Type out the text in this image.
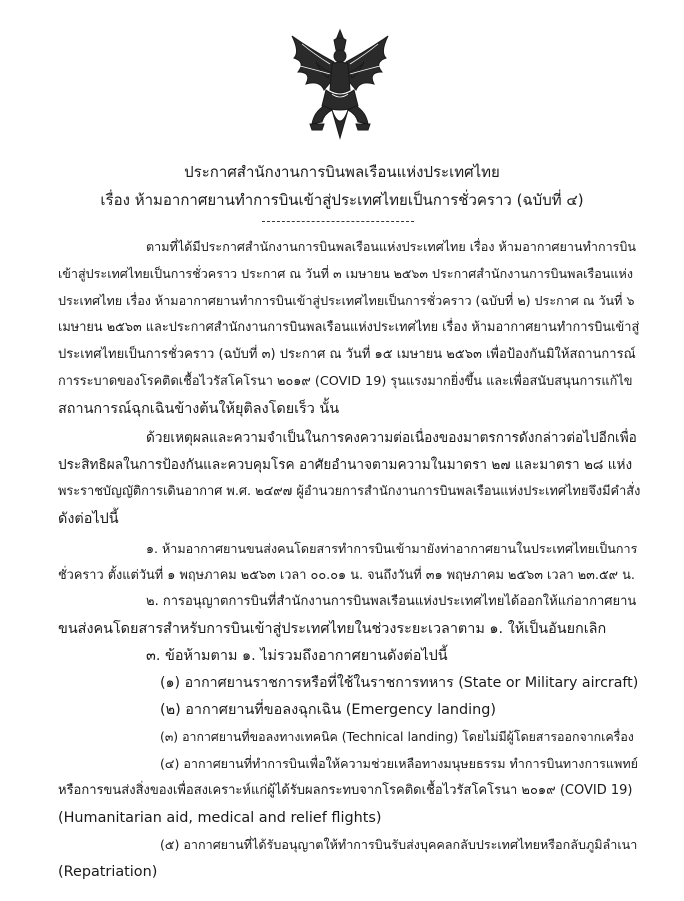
ประกาศสำนักงานการบินพลเรือนแห่งประเทศไทย
เรื่อง ห้ามอากาศยานทำการบินเข้าสู่ประเทศไทยเป็นการชั่วคราว (ฉบับที่ ๔)
ตามที่ได้มีประกาศสำนักงานการบินพลเรือนแห่งประเทศไทย เรื่อง ห้ามอากาศยานทำการบิน
เข้าสู่ประเทศไทยเป็นการชั่วคราว ประกาศ ณ วันที่ ๓ เมษายน ๒๕๖๓ ประกาศสำนักงานการบินพลเรือนแห่ง
ประเทศไทย เรื่อง ห้ามอากาศยานทำการบินเข้าสู่ประเทศไทยเป็นการชั่วคราว (ฉบับที่ ๒) ประกาศ ณ วันที่ ๖
เมษายน ๒๕๖๓ และประกาศสำนักงานการบินพลเรือนแห่งประเทศไทย เรื่อง ห้ามอากาศยานทำการบินเข้าสู่
ประเทศไทยเป็นการชั่วคราว (ฉบับที่ ๓) ประกาศ ณ วันที่ ๑๕ เมษายน ๒๕๖๓ เพื่อป้องกันมิให้สถานการณ์
การระบาดของโรคติดเชื้อไวรัสโคโรนา ๒๐๑๙ (COVID 19) รุนแรงมากยิ่งขึ้น และเพื่อสนับสนุนการแก้ไข
สถานการณ์ฉุกเฉินข้างต้นให้ยุติลงโดยเร็ว นั้น
ด้วยเหตุผลและความจำเป็นในการคงความต่อเนื่องของมาตรการดังกล่าวต่อไปอีกเพื่อ
ประสิทธิผลในการป้องกันและควบคุมโรค อาศัยอำนาจตามความในมาตรา ๒๗ และมาตรา ๒๘ แห่ง
พระราชบัญญัติการเดินอากาศ พ.ศ. ๒๔๙๗ ผู้อำนวยการสำนักงานการบินพลเรือนแห่งประเทศไทยจึงมีคำสั่ง
ดังต่อไปนี้
๑. ห้ามอากาศยานขนส่งคนโดยสารทำการบินเข้ามายังท่าอากาศยานในประเทศไทยเป็นการ
ชั่วคราว ตั้งแต่วันที่ ๑ พฤษภาคม ๒๕๖๓ เวลา ๐๐.๐๑ น. จนถึงวันที่ ๓๑ พฤษภาคม ๒๕๖๓ เวลา ๒๓.๕๙ น.
๒. การอนุญาตการบินที่สำนักงานการบินพลเรือนแห่งประเทศไทยได้ออกให้แก่อากาศยาน
ขนส่งคนโดยสารสำหรับการบินเข้าสู่ประเทศไทยในช่วงระยะเวลาตาม ๑. ให้เป็นอันยกเลิก
๓. ข้อห้ามตาม ๑. ไม่รวมถึงอากาศยานดังต่อไปนี้
(๑) อากาศยานราชการหรือที่ใช้ในราชการทหาร (State or Military aircraft)
(๒) อากาศยานที่ขอลงฉุกเฉิน (Emergency landing)
(๓) อากาศยานที่ขอลงทางเทคนิค (Technical landing) โดยไม่มีผู้โดยสารออกจากเครื่อง
(๔) อากาศยานที่ทำการบินเพื่อให้ความช่วยเหลือทางมนุษยธรรม ทำการบินทางการแพทย์
หรือการขนส่งสิ่งของเพื่อสงเคราะห์แก่ผู้ได้รับผลกระทบจากโรคติดเชื้อไวรัสโคโรนา ๒๐๑๙ (COVID 19)
(Humanitarian aid, medical and relief flights)
(๕) อากาศยานที่ได้รับอนุญาตให้ทำการบินรับส่งบุคคลกลับประเทศไทยหรือกลับภูมิลำเนา
(Repatriation)
